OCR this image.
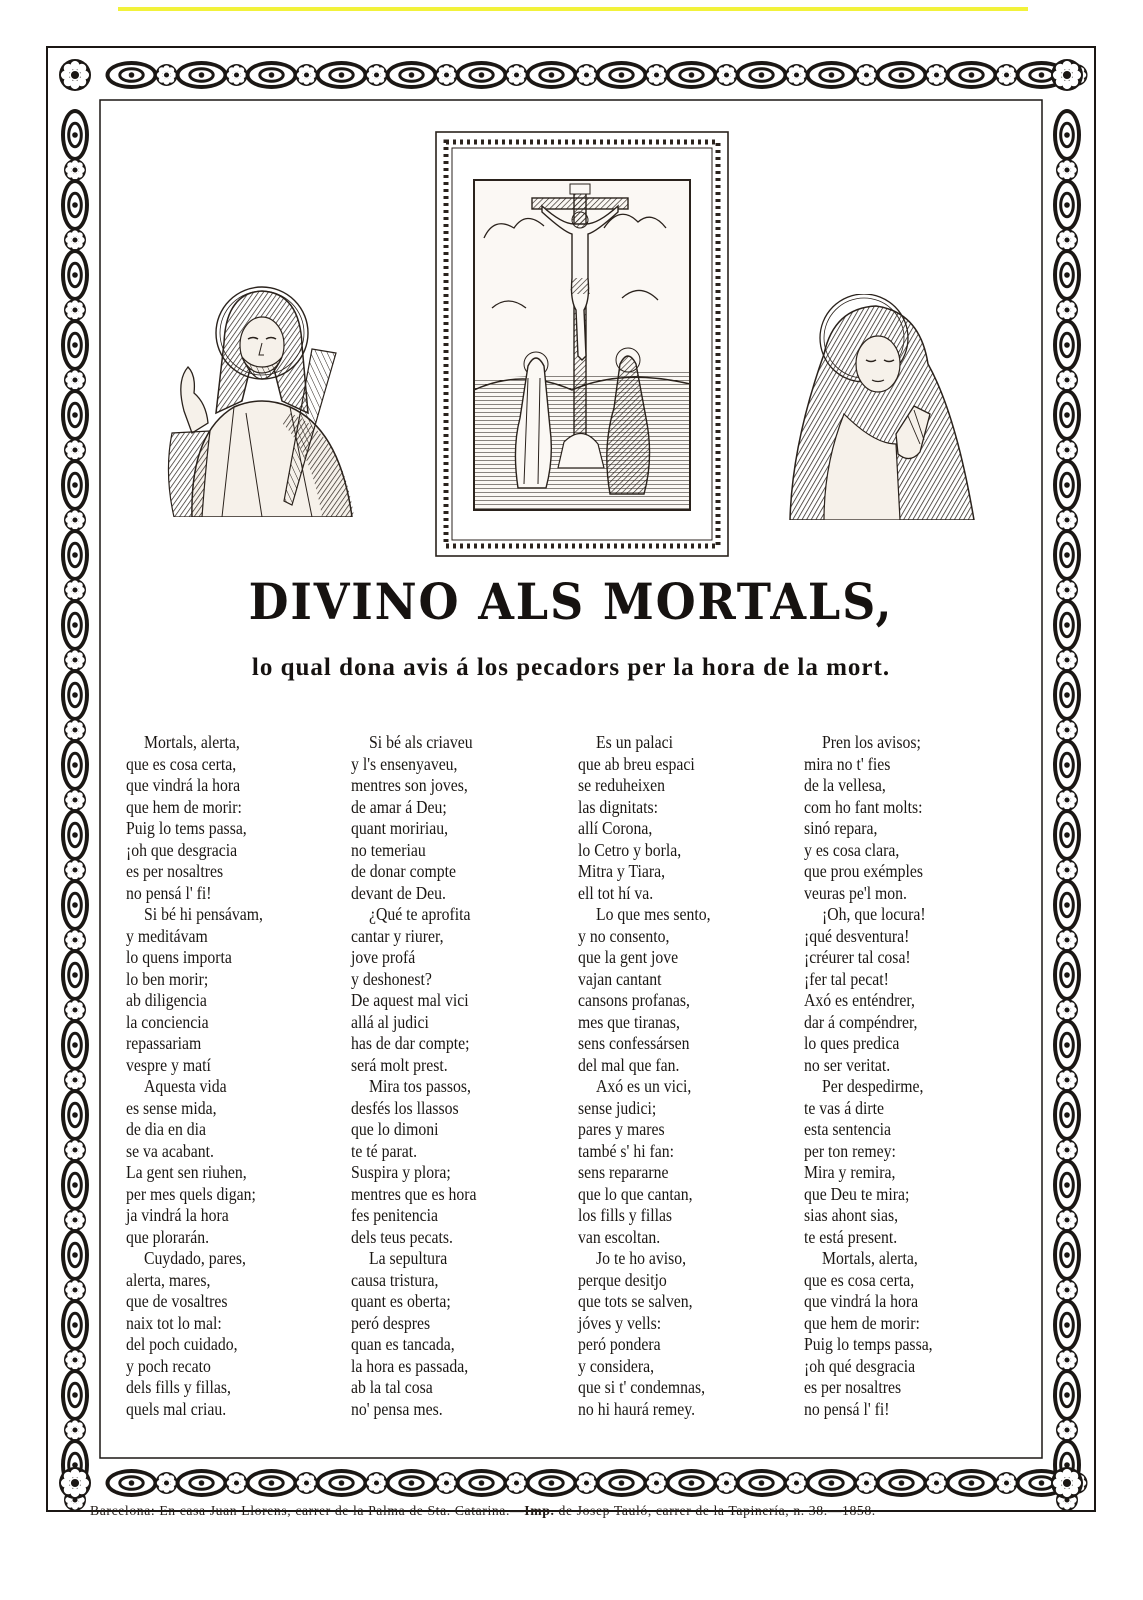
DIVINO ALS MORTALS,
lo qual dona avis á los pecadors per la hora de la mort.
Mortals, alerta,
que es cosa certa,
que vindrá la hora
que hem de morir:
Puig lo tems passa,
¡oh que desgracia
es per nosaltres
no pensá l' fi!
Si bé hi pensávam,
y meditávam
lo quens importa
lo ben morir;
ab diligencia
la conciencia
repassariam
vespre y matí
Aquesta vida
es sense mida,
de dia en dia
se va acabant.
La gent sen riuhen,
per mes quels digan;
ja vindrá la hora
que plorarán.
Cuydado, pares,
alerta, mares,
que de vosaltres
naix tot lo mal:
del poch cuidado,
y poch recato
dels fills y fillas,
quels mal criau.
Si bé als criaveu
y l's ensenyaveu,
mentres son joves,
de amar á Deu;
quant moririau,
no temeriau
de donar compte
devant de Deu.
¿Qué te aprofita
cantar y riurer,
jove profá
y deshonest?
De aquest mal vici
allá al judici
has de dar compte;
será molt prest.
Mira tos passos,
desfés los llassos
que lo dimoni
te té parat.
Suspira y plora;
mentres que es hora
fes penitencia
dels teus pecats.
La sepultura
causa tristura,
quant es oberta;
peró despres
quan es tancada,
la hora es passada,
ab la tal cosa
no' pensa mes.
Es un palaci
que ab breu espaci
se reduheixen
las dignitats:
allí Corona,
lo Cetro y borla,
Mitra y Tiara,
ell tot hí va.
Lo que mes sento,
y no consento,
que la gent jove
vajan cantant
cansons profanas,
mes que tiranas,
sens confessársen
del mal que fan.
Axó es un vici,
sense judici;
pares y mares
també s' hi fan:
sens repararne
que lo que cantan,
los fills y fillas
van escoltan.
Jo te ho aviso,
perque desitjo
que tots se salven,
jóves y vells:
peró pondera
y considera,
que si t' condemnas,
no hi haurá remey.
Pren los avisos;
mira no t' fies
de la vellesa,
com ho fant molts:
sinó repara,
y es cosa clara,
que prou exémples
veuras pe'l mon.
¡Oh, que locura!
¡qué desventura!
¡créurer tal cosa!
¡fer tal pecat!
Axó es enténdrer,
dar á compéndrer,
lo ques predica
no ser veritat.
Per despedirme,
te vas á dirte
esta sentencia
per ton remey:
Mira y remira,
que Deu te mira;
sias ahont sias,
te está present.
Mortals, alerta,
que es cosa certa,
que vindrá la hora
que hem de morir:
Puig lo temps passa,
¡oh qué desgracia
es per nosaltres
no pensá l' fi!
Barcelona: En casa Juan Llorens, carrer de la Palma de Sta. Catarina.—Imp. de Josep Tauló, carrer de la Tapinería, n. 38.—1858.
